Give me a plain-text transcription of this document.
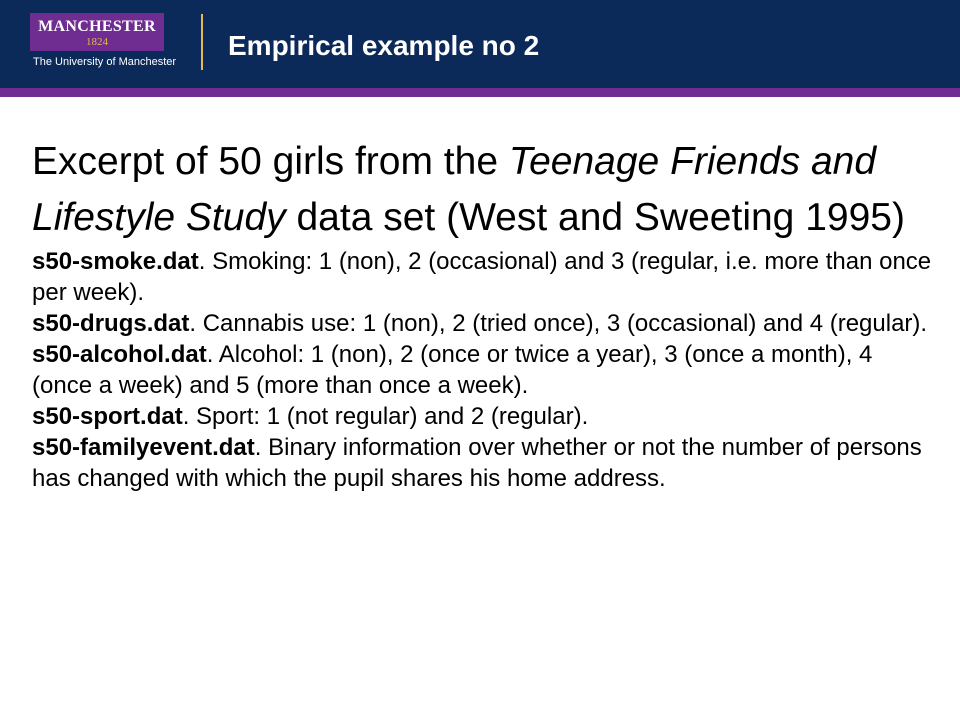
MANCHESTER
1824
The University of Manchester
Empirical example no 2
Excerpt of 50 girls from the Teenage Friends and Lifestyle Study data set (West and Sweeting 1995)
s50-smoke.dat. Smoking: 1 (non), 2 (occasional) and 3 (regular, i.e. more than once per week).
s50-drugs.dat. Cannabis use: 1 (non), 2 (tried once), 3 (occasional) and 4 (regular).
s50-alcohol.dat. Alcohol: 1 (non), 2 (once or twice a year), 3 (once a month), 4 (once a week) and 5 (more than once a week).
s50-sport.dat. Sport: 1 (not regular) and 2 (regular).
s50-familyevent.dat. Binary information over whether or not the number of persons has changed with which the pupil shares his home address.
